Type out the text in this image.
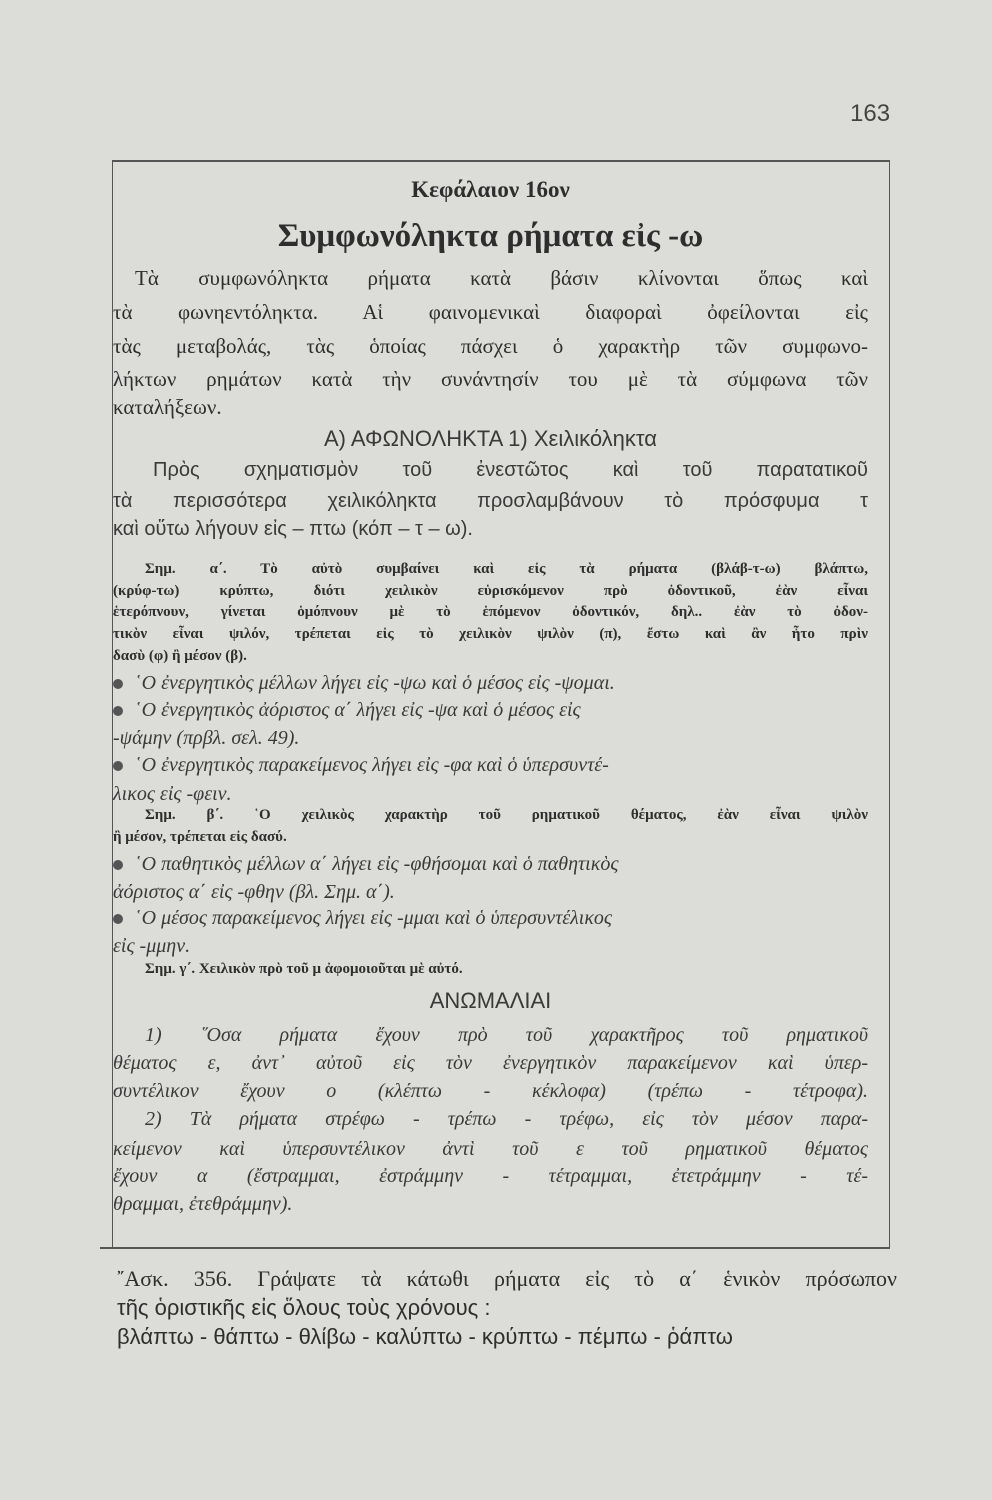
163
Κεφάλαιον 16ον
Συμφωνόληκτα ρήματα εἰς -ω
Τὰ συμφωνόληκτα ρήματα κατὰ βάσιν κλίνονται ὅπως καὶ
τὰ φωνηεντόληκτα. Αἱ φαινομενικαὶ διαφοραὶ ὀφείλονται εἰς
τὰς μεταβολάς, τὰς ὁποίας πάσχει ὁ χαρακτὴρ τῶν συμφωνο-
λήκτων ρημάτων κατὰ τὴν συνάντησίν του μὲ τὰ σύμφωνα τῶν
καταλήξεων.
Α) ΑΦΩΝΟΛΗΚΤΑ 1) Χειλικόληκτα
Πρὸς σχηματισμὸν τοῦ ἐνεστῶτος καὶ τοῦ παρατατικοῦ
τὰ περισσότερα χειλικόληκτα προσλαμβάνουν τὸ πρόσφυμα τ
καὶ οὕτω λήγουν εἰς – πτω (κόπ – τ – ω).
Σημ. α΄. Τὸ αὐτὸ συμβαίνει καὶ εἰς τὰ ρήματα (βλάβ-τ-ω) βλάπτω,
(κρύφ-τω) κρύπτω, διότι χειλικὸν εὑρισκόμενον πρὸ ὀδοντικοῦ, ἐὰν εἶναι
ἑτερόπνουν, γίνεται ὁμόπνουν μὲ τὸ ἑπόμενον ὀδοντικόν, δηλ.. ἐὰν τὸ ὀδον-
τικὸν εἶναι ψιλόν, τρέπεται εἰς τὸ χειλικὸν ψιλὸν (π), ἔστω καὶ ἂν ἦτο πρὶν
δασὺ (φ) ἢ μέσον (β).
῾Ο ἐνεργητικὸς μέλλων λήγει εἰς -ψω καὶ ὁ μέσος εἰς -ψομαι.
῾Ο ἐνεργητικὸς ἀόριστος α΄ λήγει εἰς -ψα καὶ ὁ μέσος εἰς
-ψάμην (πρβλ. σελ. 49).
῾Ο ἐνεργητικὸς παρακείμενος λήγει εἰς -φα καὶ ὁ ὑπερσυντέ-
λικος εἰς -φειν.
Σημ. β΄. ῾Ο χειλικὸς χαρακτὴρ τοῦ ρηματικοῦ θέματος, ἐὰν εἶναι ψιλὸν
ἢ μέσον, τρέπεται εἰς δασύ.
῾Ο παθητικὸς μέλλων α΄ λήγει εἰς -φθήσομαι καὶ ὁ παθητικὸς
ἀόριστος α΄ εἰς -φθην (βλ. Σημ. α΄).
῾Ο μέσος παρακείμενος λήγει εἰς -μμαι καὶ ὁ ὑπερσυντέλικος
εἰς -μμην.
Σημ. γ΄. Χειλικὸν πρὸ τοῦ μ ἀφομοιοῦται μὲ αὐτό.
ΑΝΩΜΑΛΙΑΙ
1) ῞Οσα ρήματα ἔχουν πρὸ τοῦ χαρακτῆρος τοῦ ρηματικοῦ
θέματος ε, ἀντ᾽ αὐτοῦ εἰς τὸν ἐνεργητικὸν παρακείμενον καὶ ὑπερ-
συντέλικον ἔχουν ο (κλέπτω - κέκλοφα) (τρέπω - τέτροφα).
2) Τὰ ρήματα στρέφω - τρέπω - τρέφω, εἰς τὸν μέσον παρα-
κείμενον καὶ ὑπερσυντέλικον ἀντὶ τοῦ ε τοῦ ρηματικοῦ θέματος
ἔχουν α (ἔστραμμαι, ἐστράμμην - τέτραμμαι, ἐτετράμμην - τέ-
θραμμαι, ἐτεθράμμην).
῎Ασκ. 356. Γράψατε τὰ κάτωθι ρήματα εἰς τὸ α΄ ἑνικὸν πρόσωπον
τῆς ὁριστικῆς εἰς ὅλους τοὺς χρόνους :
βλάπτω - θάπτω - θλίβω - καλύπτω - κρύπτω - πέμπω - ῥάπτω
